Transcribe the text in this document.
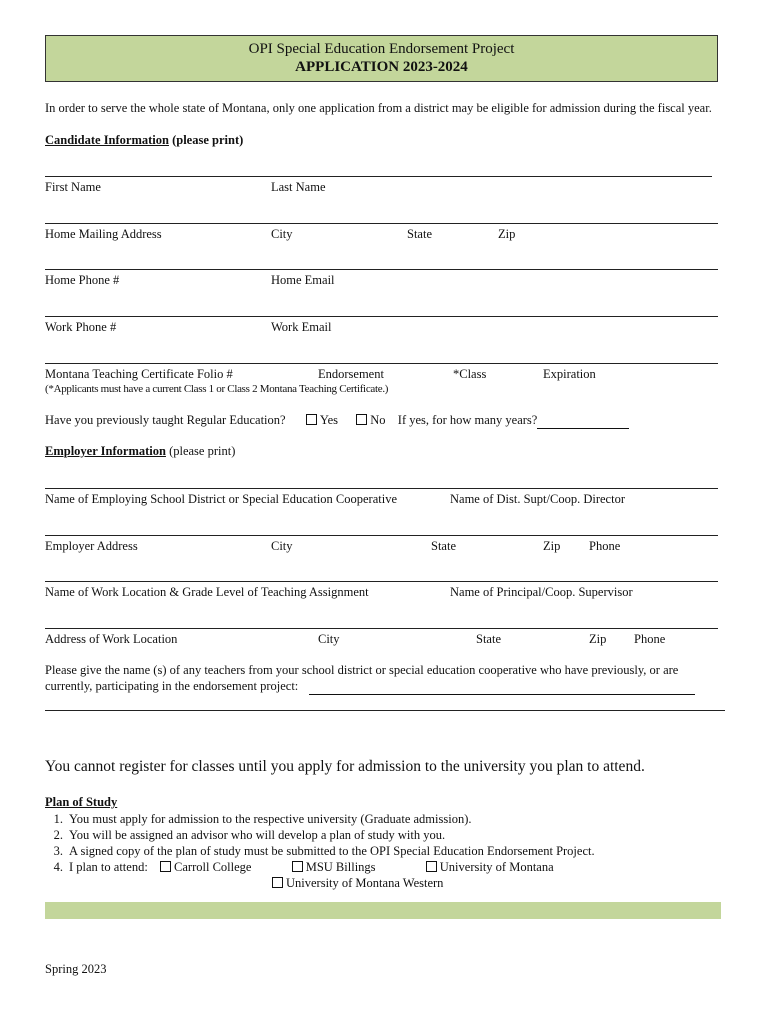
OPI Special Education Endorsement Project
APPLICATION 2023-2024
In order to serve the whole state of Montana, only one application from a district may be eligible for admission during the fiscal year.
Candidate Information (please print)
First Name	Last Name
Home Mailing Address	City	State	Zip
Home Phone #	Home Email
Work Phone #	Work Email
Montana Teaching Certificate Folio #	Endorsement	*Class	Expiration
(*Applicants must have a current Class 1 or Class 2 Montana Teaching Certificate.)
Have you previously taught Regular Education?	Yes	No If yes, for how many years?
Employer Information (please print)
Name of Employing School District or Special Education Cooperative	Name of Dist. Supt/Coop. Director
Employer Address	City	State	Zip Phone
Name of Work Location & Grade Level of Teaching Assignment	Name of Principal/Coop. Supervisor
Address of Work Location	City	State	Zip Phone
Please give the name (s) of any teachers from your school district or special education cooperative who have previously, or are
currently, participating in the endorsement project:
You cannot register for classes until you apply for admission to the university you plan to attend.
Plan of Study
1. You must apply for admission to the respective university (Graduate admission).
2. You will be assigned an advisor who will develop a plan of study with you.
3. A signed copy of the plan of study must be submitted to the OPI Special Education Endorsement Project.
4. I plan to attend: Carroll College	MSU Billings	University of Montana
University of Montana Western
Spring 2023
